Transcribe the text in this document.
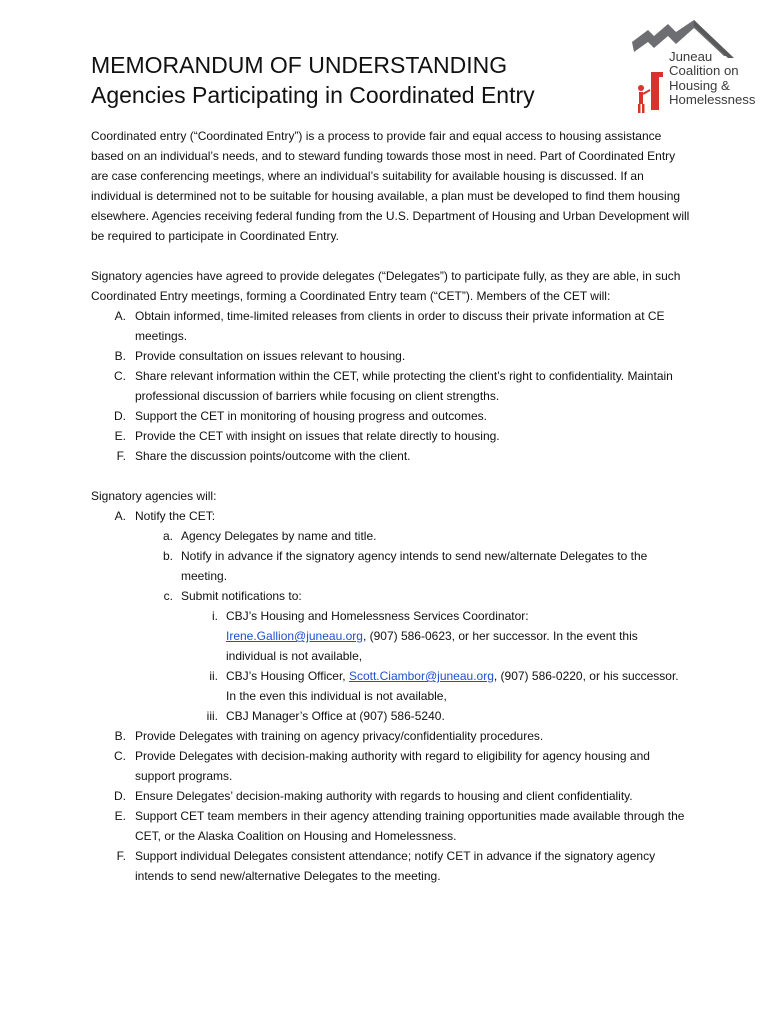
MEMORANDUM OF UNDERSTANDING
Agencies Participating in Coordinated Entry
Juneau
Coalition on
Housing &
Homelessness

Coordinated entry (“Coordinated Entry”) is a process to provide fair and equal access to housing assistance based on an individual’s needs, and to steward funding towards those most in need. Part of Coordinated Entry are case conferencing meetings, where an individual’s suitability for available housing is discussed. If an individual is determined not to be suitable for housing available, a plan must be developed to find them housing elsewhere. Agencies receiving federal funding from the U.S. Department of Housing and Urban Development will be required to participate in Coordinated Entry.

Signatory agencies have agreed to provide delegates (“Delegates”) to participate fully, as they are able, in such Coordinated Entry meetings, forming a Coordinated Entry team (“CET”). Members of the CET will:

A. Obtain informed, time-limited releases from clients in order to discuss their private information at CE meetings.
B. Provide consultation on issues relevant to housing.
C. Share relevant information within the CET, while protecting the client’s right to confidentiality. Maintain professional discussion of barriers while focusing on client strengths.
D. Support the CET in monitoring of housing progress and outcomes.
E. Provide the CET with insight on issues that relate directly to housing.
F. Share the discussion points/outcome with the client.

Signatory agencies will:

A. Notify the CET:
a. Agency Delegates by name and title.
b. Notify in advance if the signatory agency intends to send new/alternate Delegates to the meeting.
c. Submit notifications to:
i. CBJ’s Housing and Homelessness Services Coordinator:
Irene.Gallion@juneau.org, (907) 586-0623, or her successor. In the event this individual is not available,
ii. CBJ’s Housing Officer, Scott.Ciambor@juneau.org, (907) 586-0220, or his successor. In the even this individual is not available,
iii. CBJ Manager’s Office at (907) 586-5240.
B. Provide Delegates with training on agency privacy/confidentiality procedures.
C. Provide Delegates with decision-making authority with regard to eligibility for agency housing and support programs.
D. Ensure Delegates’ decision-making authority with regards to housing and client confidentiality.
E. Support CET team members in their agency attending training opportunities made available through the CET, or the Alaska Coalition on Housing and Homelessness.
F. Support individual Delegates consistent attendance; notify CET in advance if the signatory agency intends to send new/alternative Delegates to the meeting.
